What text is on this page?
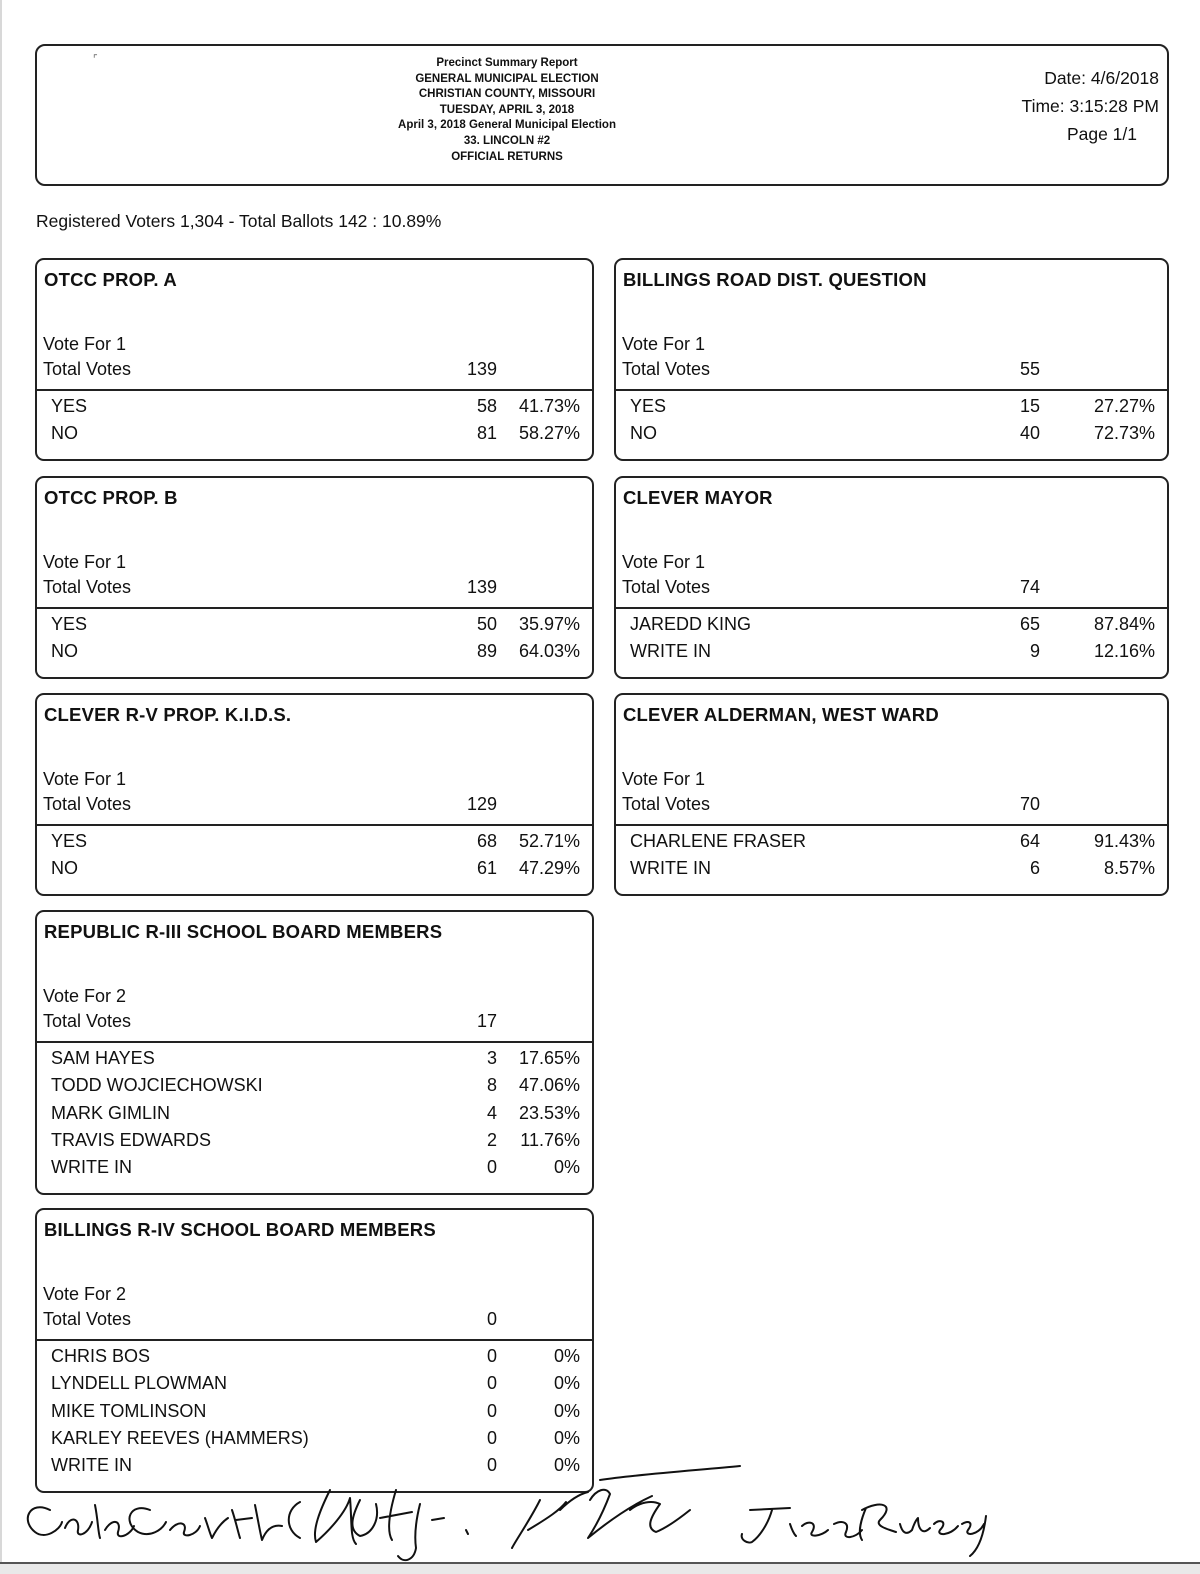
⌜	Precinct Summary Report
GENERAL MUNICIPAL ELECTION
CHRISTIAN COUNTY, MISSOURI
TUESDAY, APRIL 3, 2018
April 3, 2018 General Municipal Election
33. LINCOLN #2
OFFICIAL RETURNS
Date: 4/6/2018
Time: 3:15:28 PM
Page 1/1
Registered Voters 1,304 - Total Ballots 142 : 10.89%
OTCC PROP. A
Vote For 1
Total Votes	139
YES	58 41.73%
NO	81 58.27%
BILLINGS ROAD DIST. QUESTION
Vote For 1
Total Votes	55
YES	15	27.27%
NO	40	72.73%
OTCC PROP. B
Vote For 1
Total Votes	139
YES	50 35.97%
NO	89 64.03%
CLEVER MAYOR
Vote For 1
Total Votes	74
JAREDD KING	65	87.84%
WRITE IN	9	12.16%
CLEVER R-V PROP. K.I.D.S.
Vote For 1
Total Votes	129
YES	68 52.71%
NO	61 47.29%
CLEVER ALDERMAN, WEST WARD
Vote For 1
Total Votes	70
CHARLENE FRASER	64	91.43%
WRITE IN	6	8.57%
REPUBLIC R-III SCHOOL BOARD MEMBERS
Vote For 2
Total Votes	17
SAM HAYES	3 17.65%
TODD WOJCIECHOWSKI	8 47.06%
MARK GIMLIN	4 23.53%
TRAVIS EDWARDS	2 11.76%
WRITE IN	0	0%
BILLINGS R-IV SCHOOL BOARD MEMBERS
Vote For 2
Total Votes	0
CHRIS BOS	0	0%
LYNDELL PLOWMAN	0	0%
MIKE TOMLINSON	0	0%
KARLEY REEVES (HAMMERS)	0	0%
WRITE IN	0	0%
